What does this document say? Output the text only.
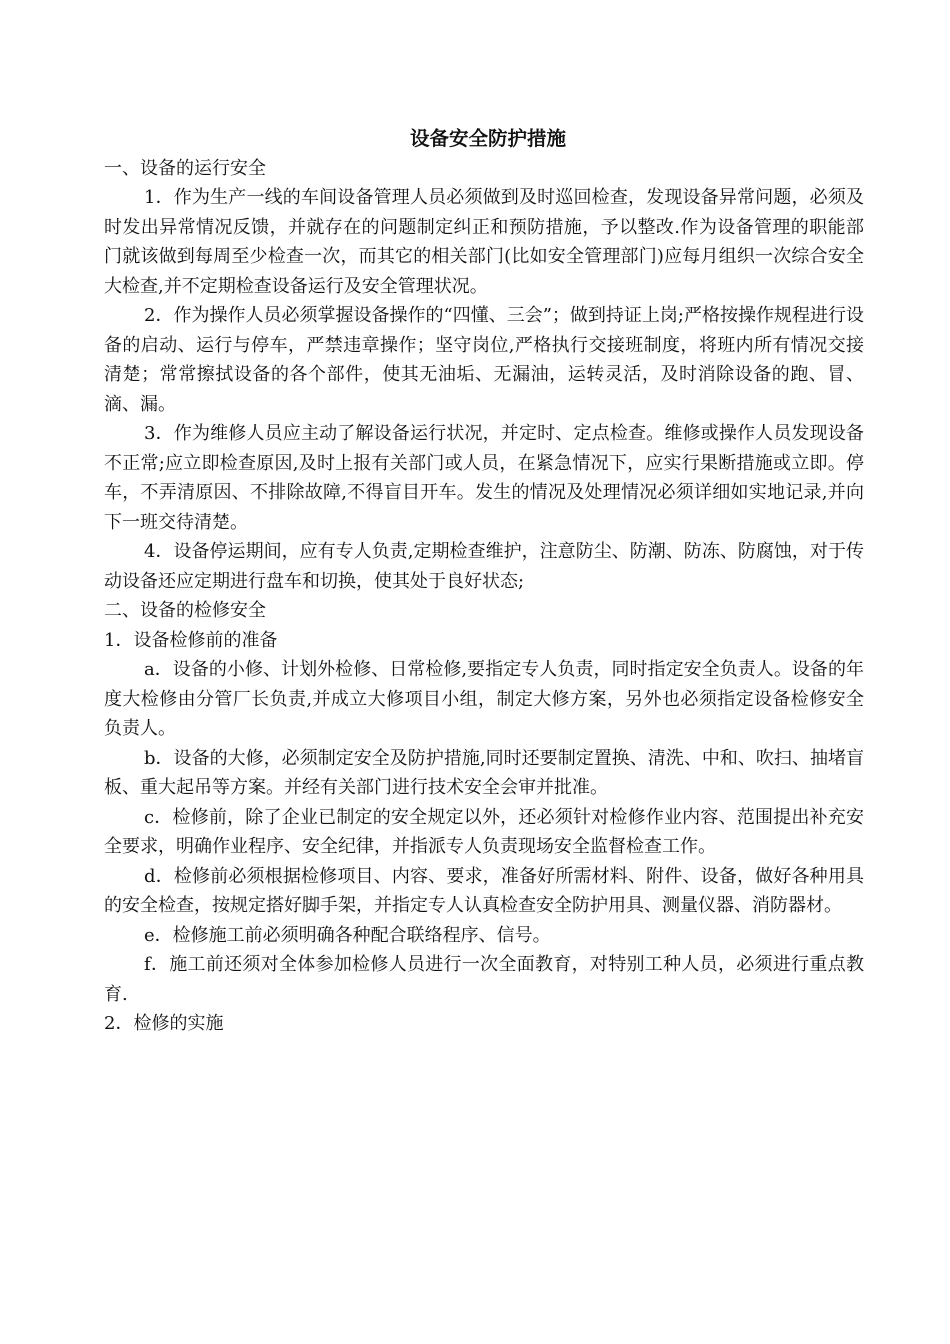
设备安全防护措施

一、设备的运行安全

1．作为生产一线的车间设备管理人员必须做到及时巡回检查，发现设备异常问题，必须及时发出异常情况反馈，并就存在的问题制定纠正和预防措施，予以整改.作为设备管理的职能部门就该做到每周至少检查一次，而其它的相关部门(比如安全管理部门)应每月组织一次综合安全大检查,并不定期检查设备运行及安全管理状况。

2．作为操作人员必须掌握设备操作的“四懂、三会”；做到持证上岗;严格按操作规程进行设备的启动、运行与停车，严禁违章操作；坚守岗位,严格执行交接班制度，将班内所有情况交接清楚；常常擦拭设备的各个部件，使其无油垢、无漏油，运转灵活，及时消除设备的跑、冒、滴、漏。

3．作为维修人员应主动了解设备运行状况，并定时、定点检查。维修或操作人员发现设备不正常;应立即检查原因,及时上报有关部门或人员，在紧急情况下，应实行果断措施或立即。停车，不弄清原因、不排除故障,不得盲目开车。发生的情况及处理情况必须详细如实地记录,并向下一班交待清楚。

4．设备停运期间，应有专人负责,定期检查维护，注意防尘、防潮、防冻、防腐蚀，对于传动设备还应定期进行盘车和切换，使其处于良好状态;

二、设备的检修安全

1．设备检修前的准备

a．设备的小修、计划外检修、日常检修,要指定专人负责，同时指定安全负责人。设备的年度大检修由分管厂长负责,并成立大修项目小组，制定大修方案，另外也必须指定设备检修安全负责人。

b．设备的大修，必须制定安全及防护措施,同时还要制定置换、清洗、中和、吹扫、抽堵盲板、重大起吊等方案。并经有关部门进行技术安全会审并批准。

c．检修前，除了企业已制定的安全规定以外，还必须针对检修作业内容、范围提出补充安全要求，明确作业程序、安全纪律，并指派专人负责现场安全监督检查工作。

d．检修前必须根据检修项目、内容、要求，准备好所需材料、附件、设备，做好各种用具的安全检查，按规定搭好脚手架，并指定专人认真检查安全防护用具、测量仪器、消防器材。

e．检修施工前必须明确各种配合联络程序、信号。

f．施工前还须对全体参加检修人员进行一次全面教育，对特别工种人员，必须进行重点教育.

2．检修的实施
